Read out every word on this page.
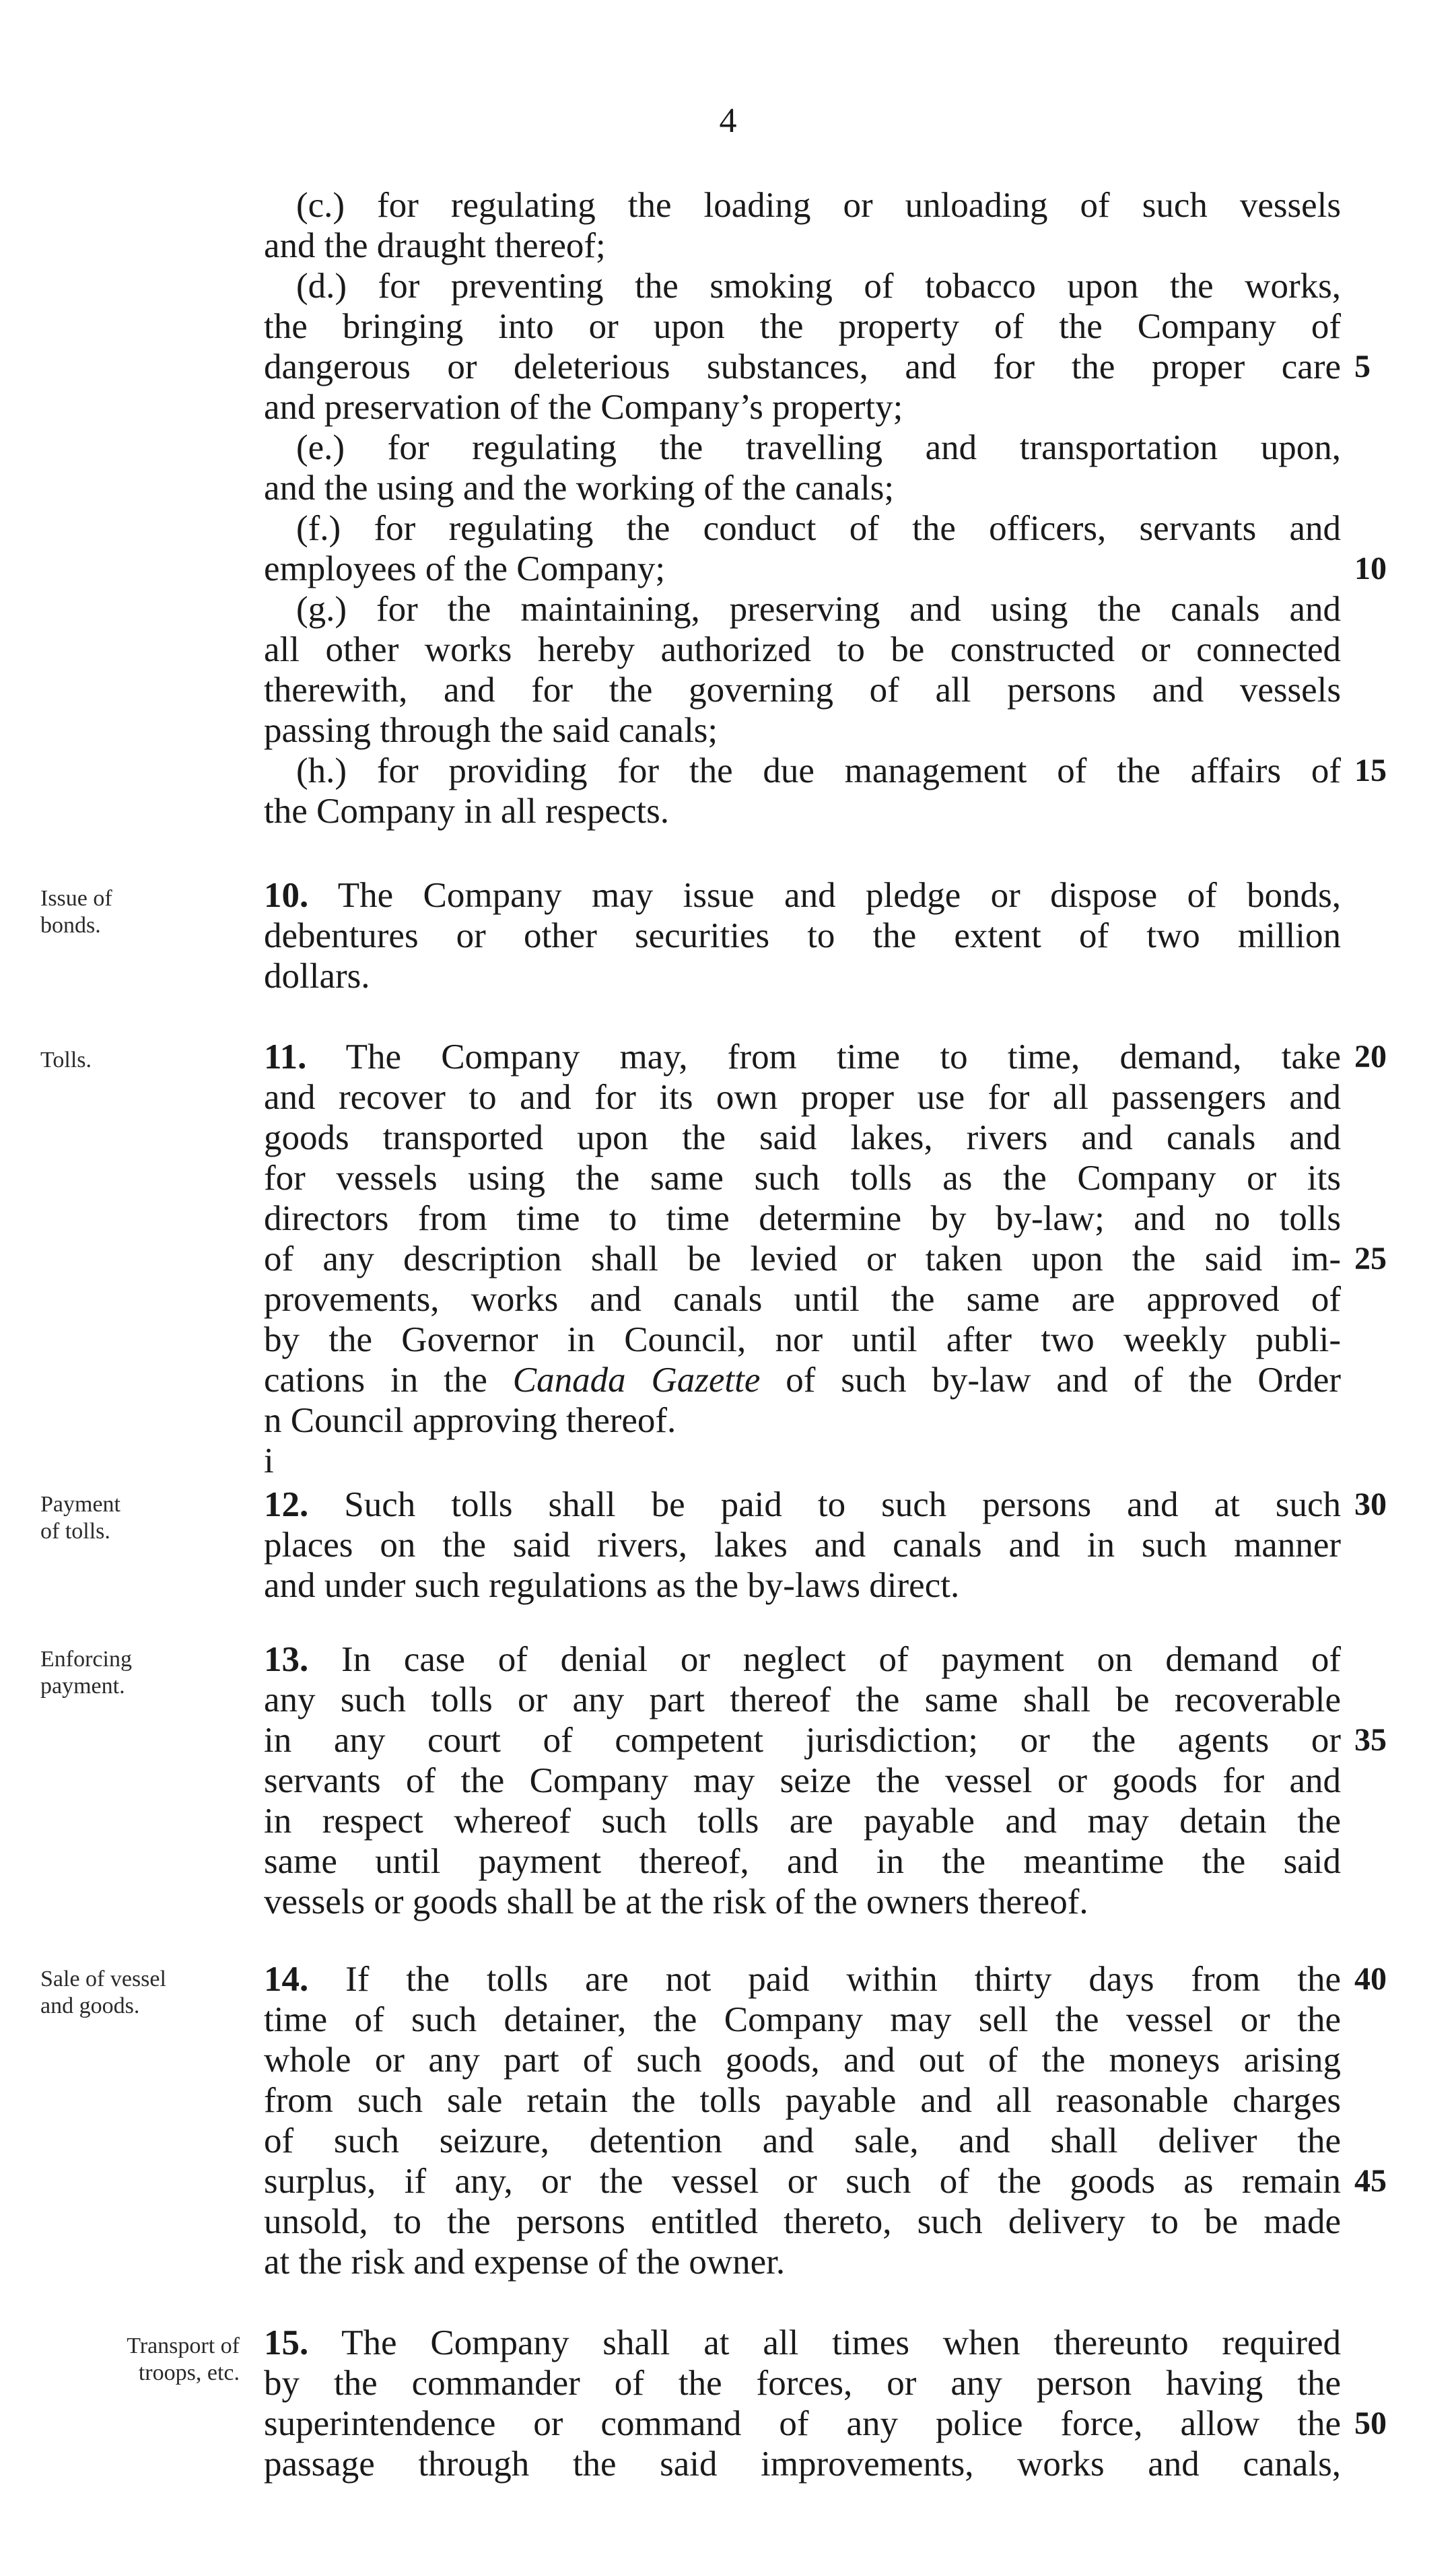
4
(c.) for regulating the loading or unloading of such vessels
and the draught thereof;
(d.) for preventing the smoking of tobacco upon the works,
the bringing into or upon the property of the Company of
dangerous or deleterious substances, and for the proper care 5
and preservation of the Company’s property;
(e.) for regulating the travelling and transportation upon,
and the using and the working of the canals;
(f.) for regulating the conduct of the officers, servants and
employees of the Company;	10
(g.) for the maintaining, preserving and using the canals and
all other works hereby authorized to be constructed or connected
therewith, and for the governing of all persons and vessels
passing through the said canals;
(h.) for providing for the due management of the affairs of 15
the Company in all respects.
Issue of
bonds.
10. The Company may issue and pledge or dispose of bonds,
debentures or other securities to the extent of two million
dollars.
Tolls.	11. The Company may, from time to time, demand, take 20
and recover to and for its own proper use for all passengers and
goods transported upon the said lakes, rivers and canals and
for vessels using the same such tolls as the Company or its
directors from time to time determine by by-law; and no tolls
of any description shall be levied or taken upon the said im- 25
provements, works and canals until the same are approved of
by the Governor in Council, nor until after two weekly publi-
cations in the Canada Gazette of such by-law and of the Order
n Council approving thereof.
i
Payment
of tolls.
12. Such tolls shall be paid to such persons and at such 30
places on the said rivers, lakes and canals and in such manner
and under such regulations as the by-laws direct.
Enforcing
payment.
13. In case of denial or neglect of payment on demand of
any such tolls or any part thereof the same shall be recoverable
in any court of competent jurisdiction; or the agents or 35
servants of the Company may seize the vessel or goods for and
in respect whereof such tolls are payable and may detain the
same until payment thereof, and in the meantime the said
vessels or goods shall be at the risk of the owners thereof.
Sale of vessel
and goods.
14. If the tolls are not paid within thirty days from the 40
time of such detainer, the Company may sell the vessel or the
whole or any part of such goods, and out of the moneys arising
from such sale retain the tolls payable and all reasonable charges
of such seizure, detention and sale, and shall deliver the
surplus, if any, or the vessel or such of the goods as remain 45
unsold, to the persons entitled thereto, such delivery to be made
at the risk and expense of the owner.
Transport of
troops, etc.
15. The Company shall at all times when thereunto required
by the commander of the forces, or any person having the
superintendence or command of any police force, allow the 50
passage through the said improvements, works and canals,
